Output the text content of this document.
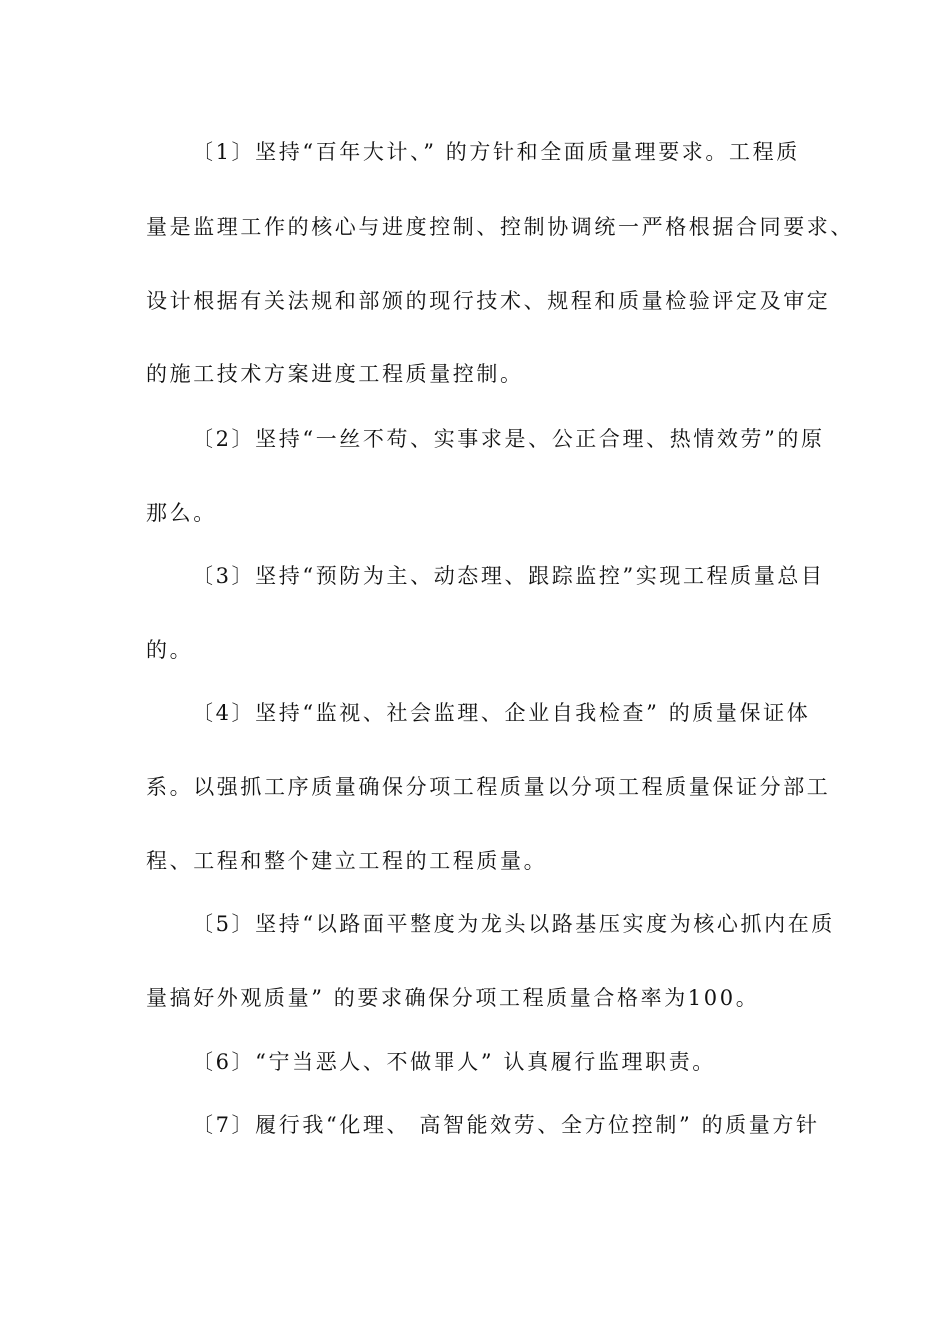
〔1〕坚持“百年大计、” 的方针和全面质量理要求。工程质
量是监理工作的核心与进度控制、控制协调统一严格根据合同要求、
设计根据有关法规和部颁的现行技术、规程和质量检验评定及审定
的施工技术方案进度工程质量控制。
〔2〕坚持“一丝不苟、实事求是、公正合理、热情效劳”的原
那么。
〔3〕坚持“预防为主、动态理、跟踪监控”实现工程质量总目
的。
〔4〕坚持“监视、社会监理、企业自我检查” 的质量保证体
系。以强抓工序质量确保分项工程质量以分项工程质量保证分部工
程、工程和整个建立工程的工程质量。
〔5〕坚持“以路面平整度为龙头以路基压实度为核心抓内在质
量搞好外观质量” 的要求确保分项工程质量合格率为100。
〔6〕“宁当恶人、不做罪人” 认真履行监理职责。
〔7〕履行我“化理、 高智能效劳、全方位控制” 的质量方针
